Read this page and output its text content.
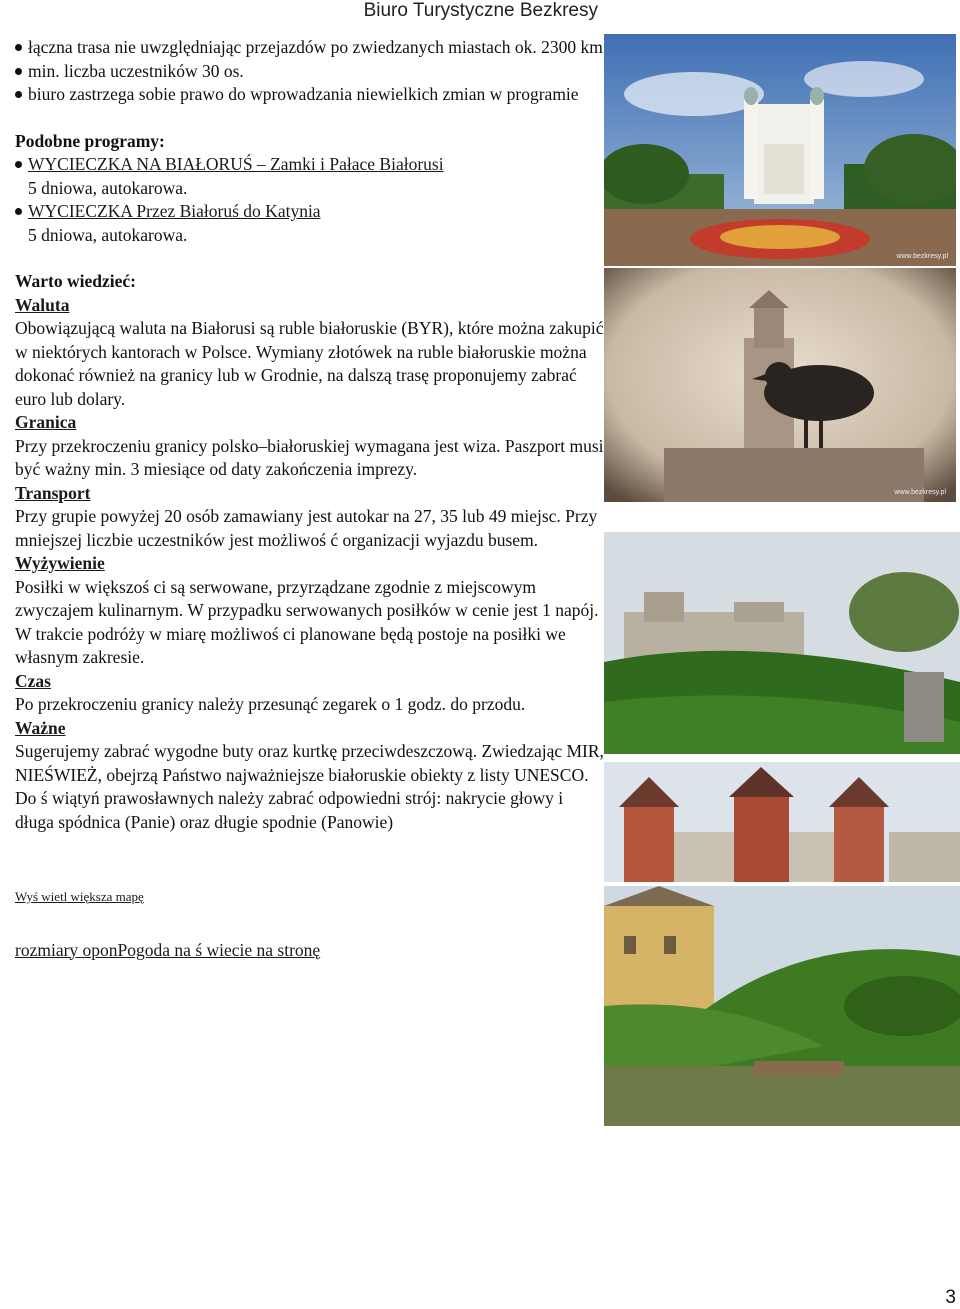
Biuro Turystyczne Bezkresy
łączna trasa nie uwzględniając przejazdów po zwiedzanych miastach ok. 2300 km
min. liczba uczestników 30 os.
biuro zastrzega sobie prawo do wprowadzania niewielkich zmian w programie
Podobne programy:
WYCIECZKA NA BIAŁORUŚ – Zamki i Pałace Białorusi
5 dniowa, autokarowa.
WYCIECZKA Przez Białoruś do Katynia
5 dniowa, autokarowa.
Warto wiedzieć:
Waluta
Obowiązującą waluta na Białorusi są ruble białoruskie (BYR), które można zakupić w niektórych kantorach w Polsce. Wymiany złotówek na ruble białoruskie można dokonać również na granicy lub w Grodnie, na dalszą trasę proponujemy zabrać euro lub dolary.
Granica
Przy przekroczeniu granicy polsko–białoruskiej wymagana jest wiza. Paszport musi być ważny min. 3 miesiące od daty zakończenia imprezy.
Transport
Przy grupie powyżej 20 osób zamawiany jest autokar na 27, 35 lub 49 miejsc. Przy mniejszej liczbie uczestników jest możliwoś ć organizacji wyjazdu busem.
Wyżywienie
Posiłki w większoś ci są serwowane, przyrządzane zgodnie z miejscowym zwyczajem kulinarnym. W przypadku serwowanych posiłków w cenie jest 1 napój. W trakcie podróży w miarę możliwoś ci planowane będą postoje na posiłki we własnym zakresie.
Czas
Po przekroczeniu granicy należy przesunąć zegarek o 1 godz. do przodu.
Ważne
Sugerujemy zabrać wygodne buty oraz kurtkę przeciwdeszczową. Zwiedzając MIR, NIEŚWIEŻ, obejrzą Państwo najważniejsze białoruskie obiekty z listy UNESCO. Do ś wiątyń prawosławnych należy zabrać odpowiedni strój: nakrycie głowy i długa spódnica (Panie) oraz długie spodnie (Panowie)
Wyś wietl większa mapę
rozmiary oponPogoda na ś wiecie na stronę
www.bezkresy.pl
www.bezkresy.pl
3
